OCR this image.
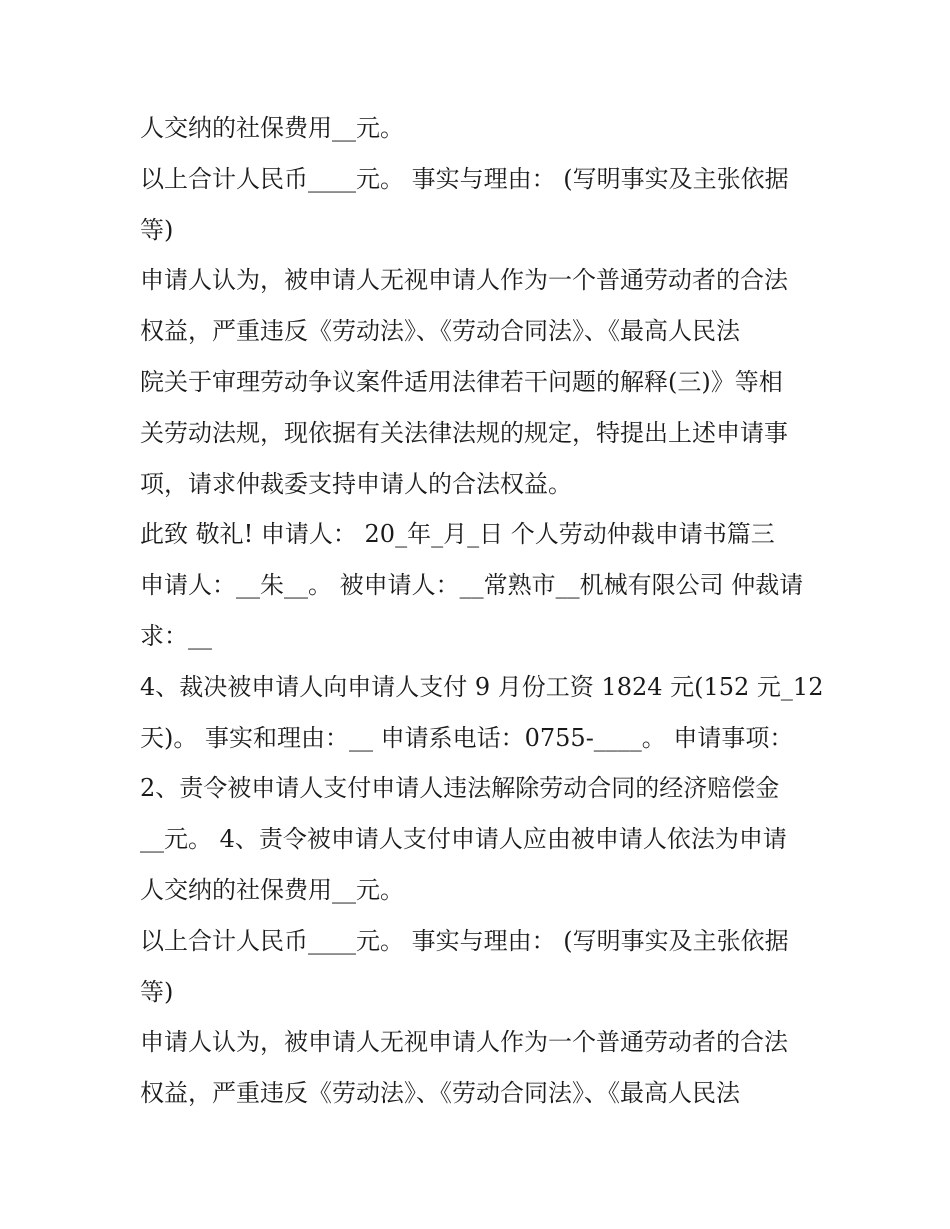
人交纳的社保费用__元。

以上合计人民币____元。 事实与理由： (写明事实及主张依据

等)

申请人认为，被申请人无视申请人作为一个普通劳动者的合法

权益，严重违反《劳动法》、《劳动合同法》、《最高人民法

院关于审理劳动争议案件适用法律若干问题的解释(三)》等相

关劳动法规，现依据有关法律法规的规定，特提出上述申请事

项，请求仲裁委支持申请人的合法权益。

此致 敬礼! 申请人： 20_年_月_日 个人劳动仲裁申请书篇三

申请人：__朱__。 被申请人：__常熟市__机械有限公司 仲裁请

求：__

4、裁决被申请人向申请人支付 9 月份工资 1824 元(152 元_12

天)。 事实和理由：__ 申请系电话：0755-____。 申请事项：

2、责令被申请人支付申请人违法解除劳动合同的经济赔偿金

__元。 4、责令被申请人支付申请人应由被申请人依法为申请

人交纳的社保费用__元。

以上合计人民币____元。 事实与理由： (写明事实及主张依据

等)

申请人认为，被申请人无视申请人作为一个普通劳动者的合法

权益，严重违反《劳动法》、《劳动合同法》、《最高人民法
